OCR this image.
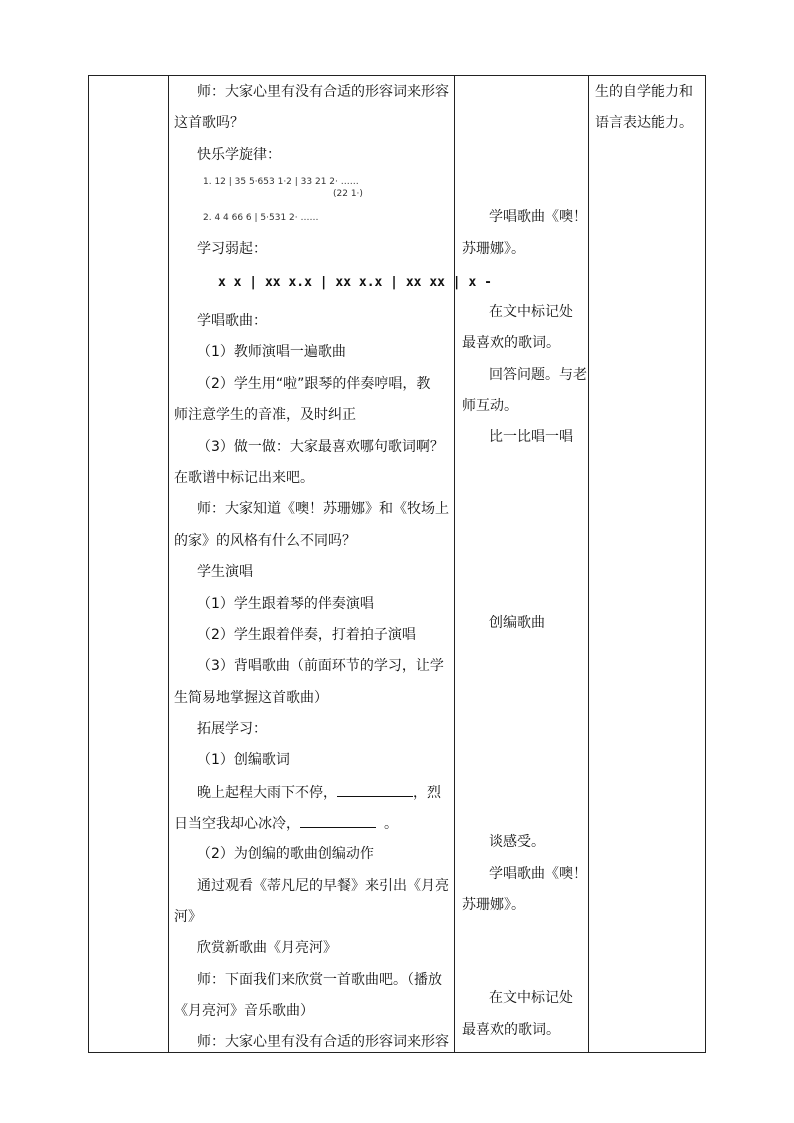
师：大家心里有没有合适的形容词来形容
这首歌吗？
快乐学旋律：
1. 12 | 35 5·653 1·2 | 33 21 2· ……
(22 1·)
2. 4 4 66 6 | 5·531 2· ……
学习弱起：
x x | xx x.x | xx x.x | xx xx | x -
学唱歌曲：
（1）教师演唱一遍歌曲
（2）学生用“啦”跟琴的伴奏哼唱，教
师注意学生的音准，及时纠正
（3）做一做：大家最喜欢哪句歌词啊？
在歌谱中标记出来吧。
师：大家知道《噢！苏珊娜》和《牧场上
的家》的风格有什么不同吗？
学生演唱
（1）学生跟着琴的伴奏演唱
（2）学生跟着伴奏，打着拍子演唱
（3）背唱歌曲（前面环节的学习，让学
生简易地掌握这首歌曲）
拓展学习：
（1）创编歌词
晚上起程大雨下不停，	，烈
日当空我却心冰冷，	。
（2）为创编的歌曲创编动作
通过观看《蒂凡尼的早餐》来引出《月亮
河》
欣赏新歌曲《月亮河》
师：下面我们来欣赏一首歌曲吧。（播放
《月亮河》音乐歌曲）
师：大家心里有没有合适的形容词来形容
学唱歌曲《噢！
苏珊娜》。
在文中标记处
最喜欢的歌词。
回答问题。与老
师互动。
比一比唱一唱
创编歌曲
谈感受。
学唱歌曲《噢！
苏珊娜》。
在文中标记处
最喜欢的歌词。
生的自学能力和
语言表达能力。
